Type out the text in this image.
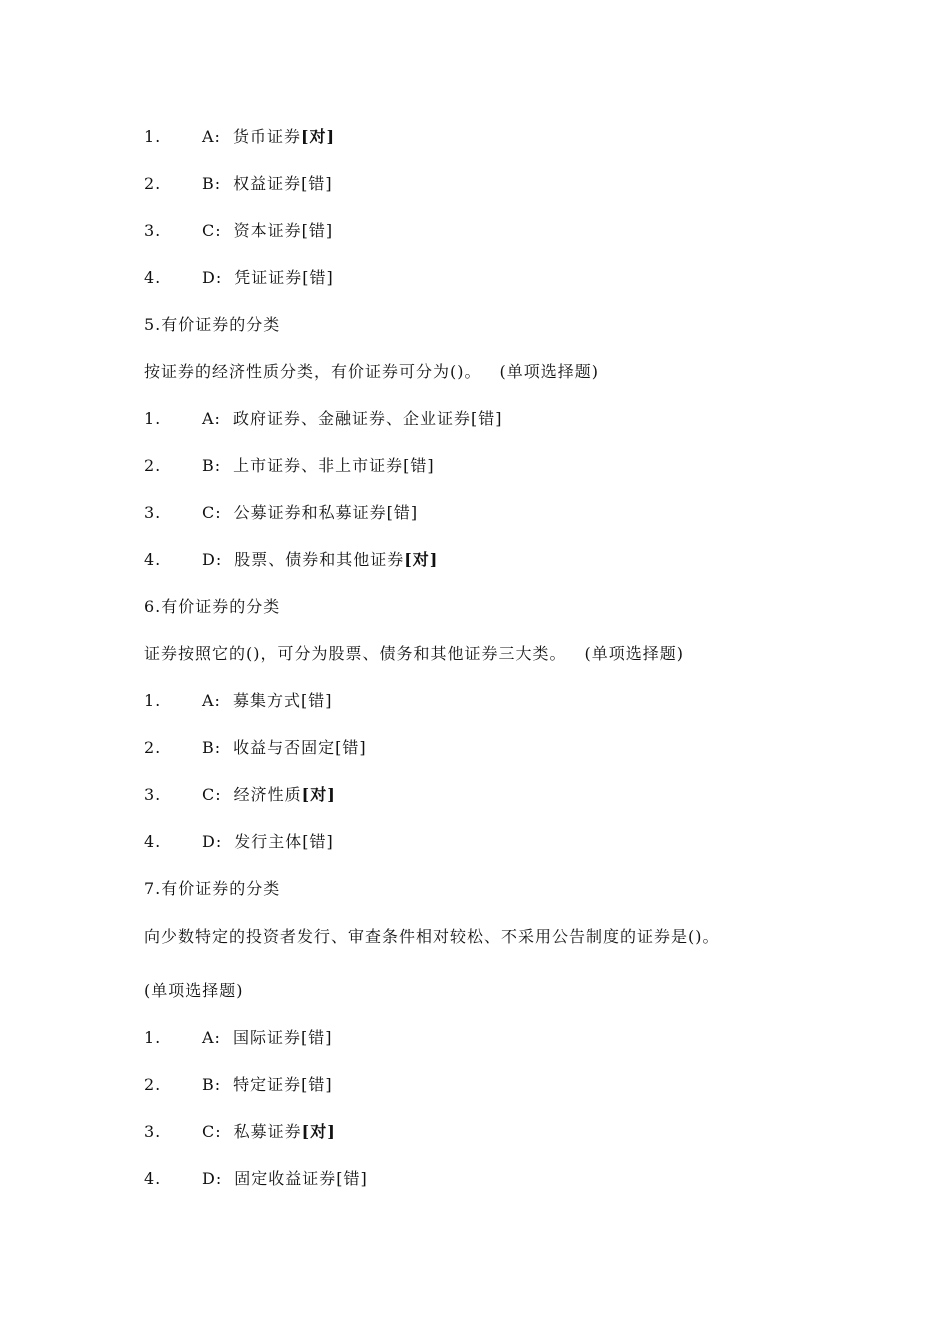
1.	A: 货币证券[对]
2.	B: 权益证券[错]
3.	C: 资本证券[错]
4.	D: 凭证证券[错]
5.有价证券的分类
按证券的经济性质分类，有价证券可分为()。 (单项选择题)
1.	A: 政府证券、金融证券、企业证券[错]
2.	B: 上市证券、非上市证券[错]
3.	C: 公募证券和私募证券[错]
4.	D: 股票、债券和其他证券[对]
6.有价证券的分类
证券按照它的()，可分为股票、债务和其他证券三大类。 (单项选择题)
1.	A: 募集方式[错]
2.	B: 收益与否固定[错]
3.	C: 经济性质[对]
4.	D: 发行主体[错]
7.有价证券的分类
向少数特定的投资者发行、审查条件相对较松、不采用公告制度的证券是()。
(单项选择题)
1.	A: 国际证券[错]
2.	B: 特定证券[错]
3.	C: 私募证券[对]
4.	D: 固定收益证券[错]
